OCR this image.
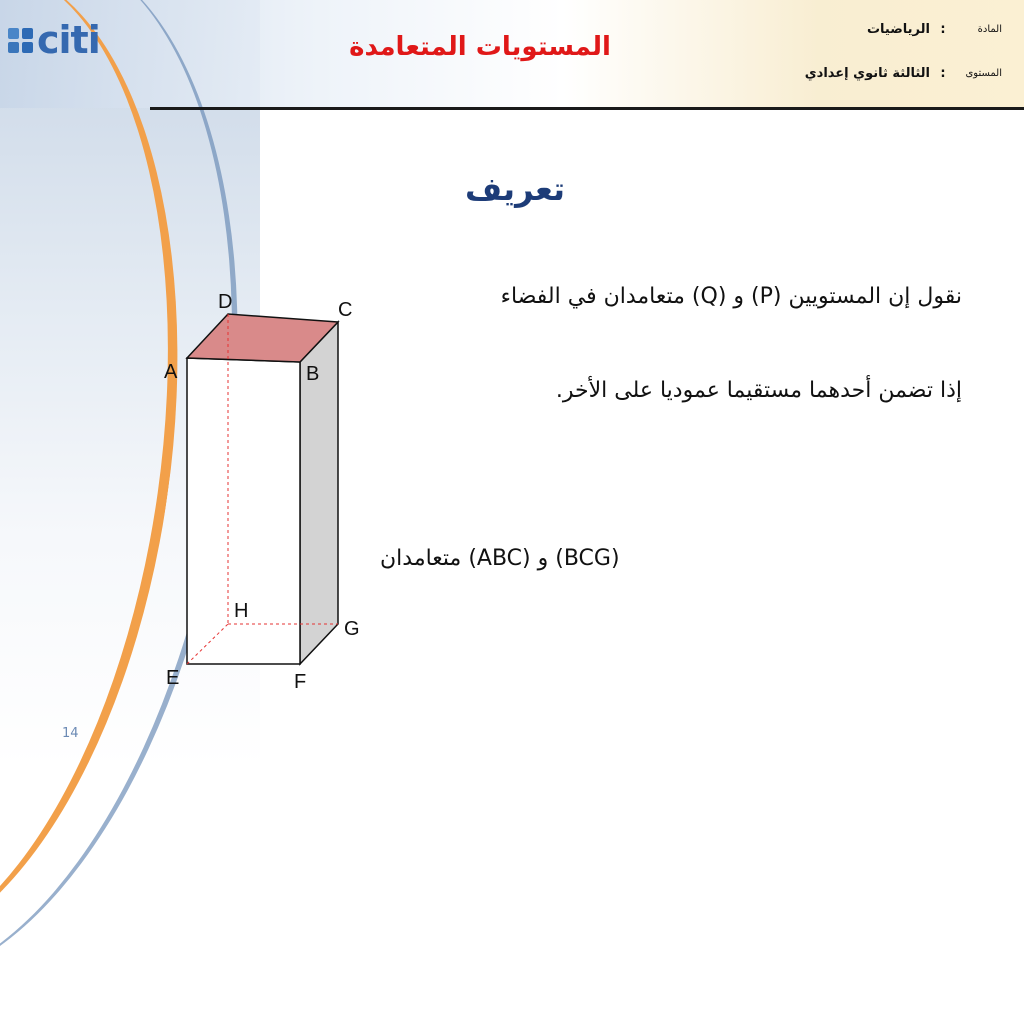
citi	المستويات المتعامدة
المادة
:
الرياضيات
المستوى
:
الثالثة ثانوي إعدادي
تعريف
نقول إن المستويين (P) و (Q) متعامدان في الفضاء
إذا تضمن أحدهما مستقيما عموديا على الأخر.
(BCG) و (ABC) متعامدان
D	C
A	B
H
G
E	F
14
